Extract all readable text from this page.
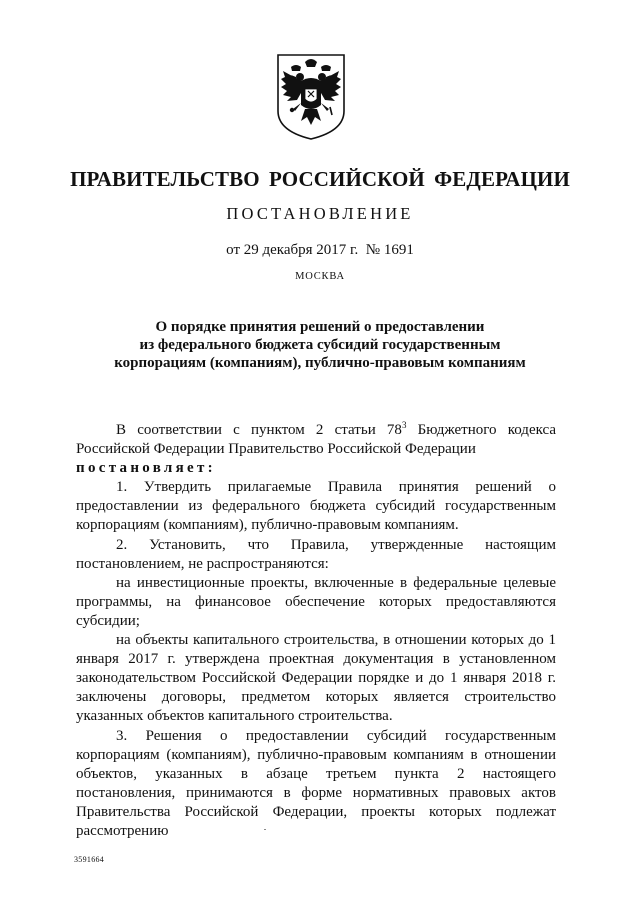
ПРАВИТЕЛЬСТВО РОССИЙСКОЙ ФЕДЕРАЦИИ
ПОСТАНОВЛЕНИЕ
от 29 декабря 2017 г. № 1691
МОСКВА
О порядке принятия решений о предоставлении
из федерального бюджета субсидий государственным
корпорациям (компаниям), публично-правовым компаниям

В соответствии с пунктом 2 статьи $78^3$ Бюджетного кодекса Российской Федерации Правительство Российской Федерации

постановляет:

1. Утвердить прилагаемые Правила принятия решений о предоставлении из федерального бюджета субсидий государственным корпорациям (компаниям), публично-правовым компаниям.

2. Установить, что Правила, утвержденные настоящим постановлением, не распространяются:

на инвестиционные проекты, включенные в федеральные целевые программы, на финансовое обеспечение которых предоставляются субсидии;

на объекты капитального строительства, в отношении которых до 1 января 2017 г. утверждена проектная документация в установленном законодательством Российской Федерации порядке и до 1 января 2018 г. заключены договоры, предметом которых является строительство указанных объектов капитального строительства.

3. Решения о предоставлении субсидий государственным корпорациям (компаниям), публично-правовым компаниям в отношении объектов, указанных в абзаце третьем пункта 2 настоящего постановления, принимаются в форме нормативных правовых актов Правительства Российской Федерации, проекты которых подлежат рассмотрению

3591664
